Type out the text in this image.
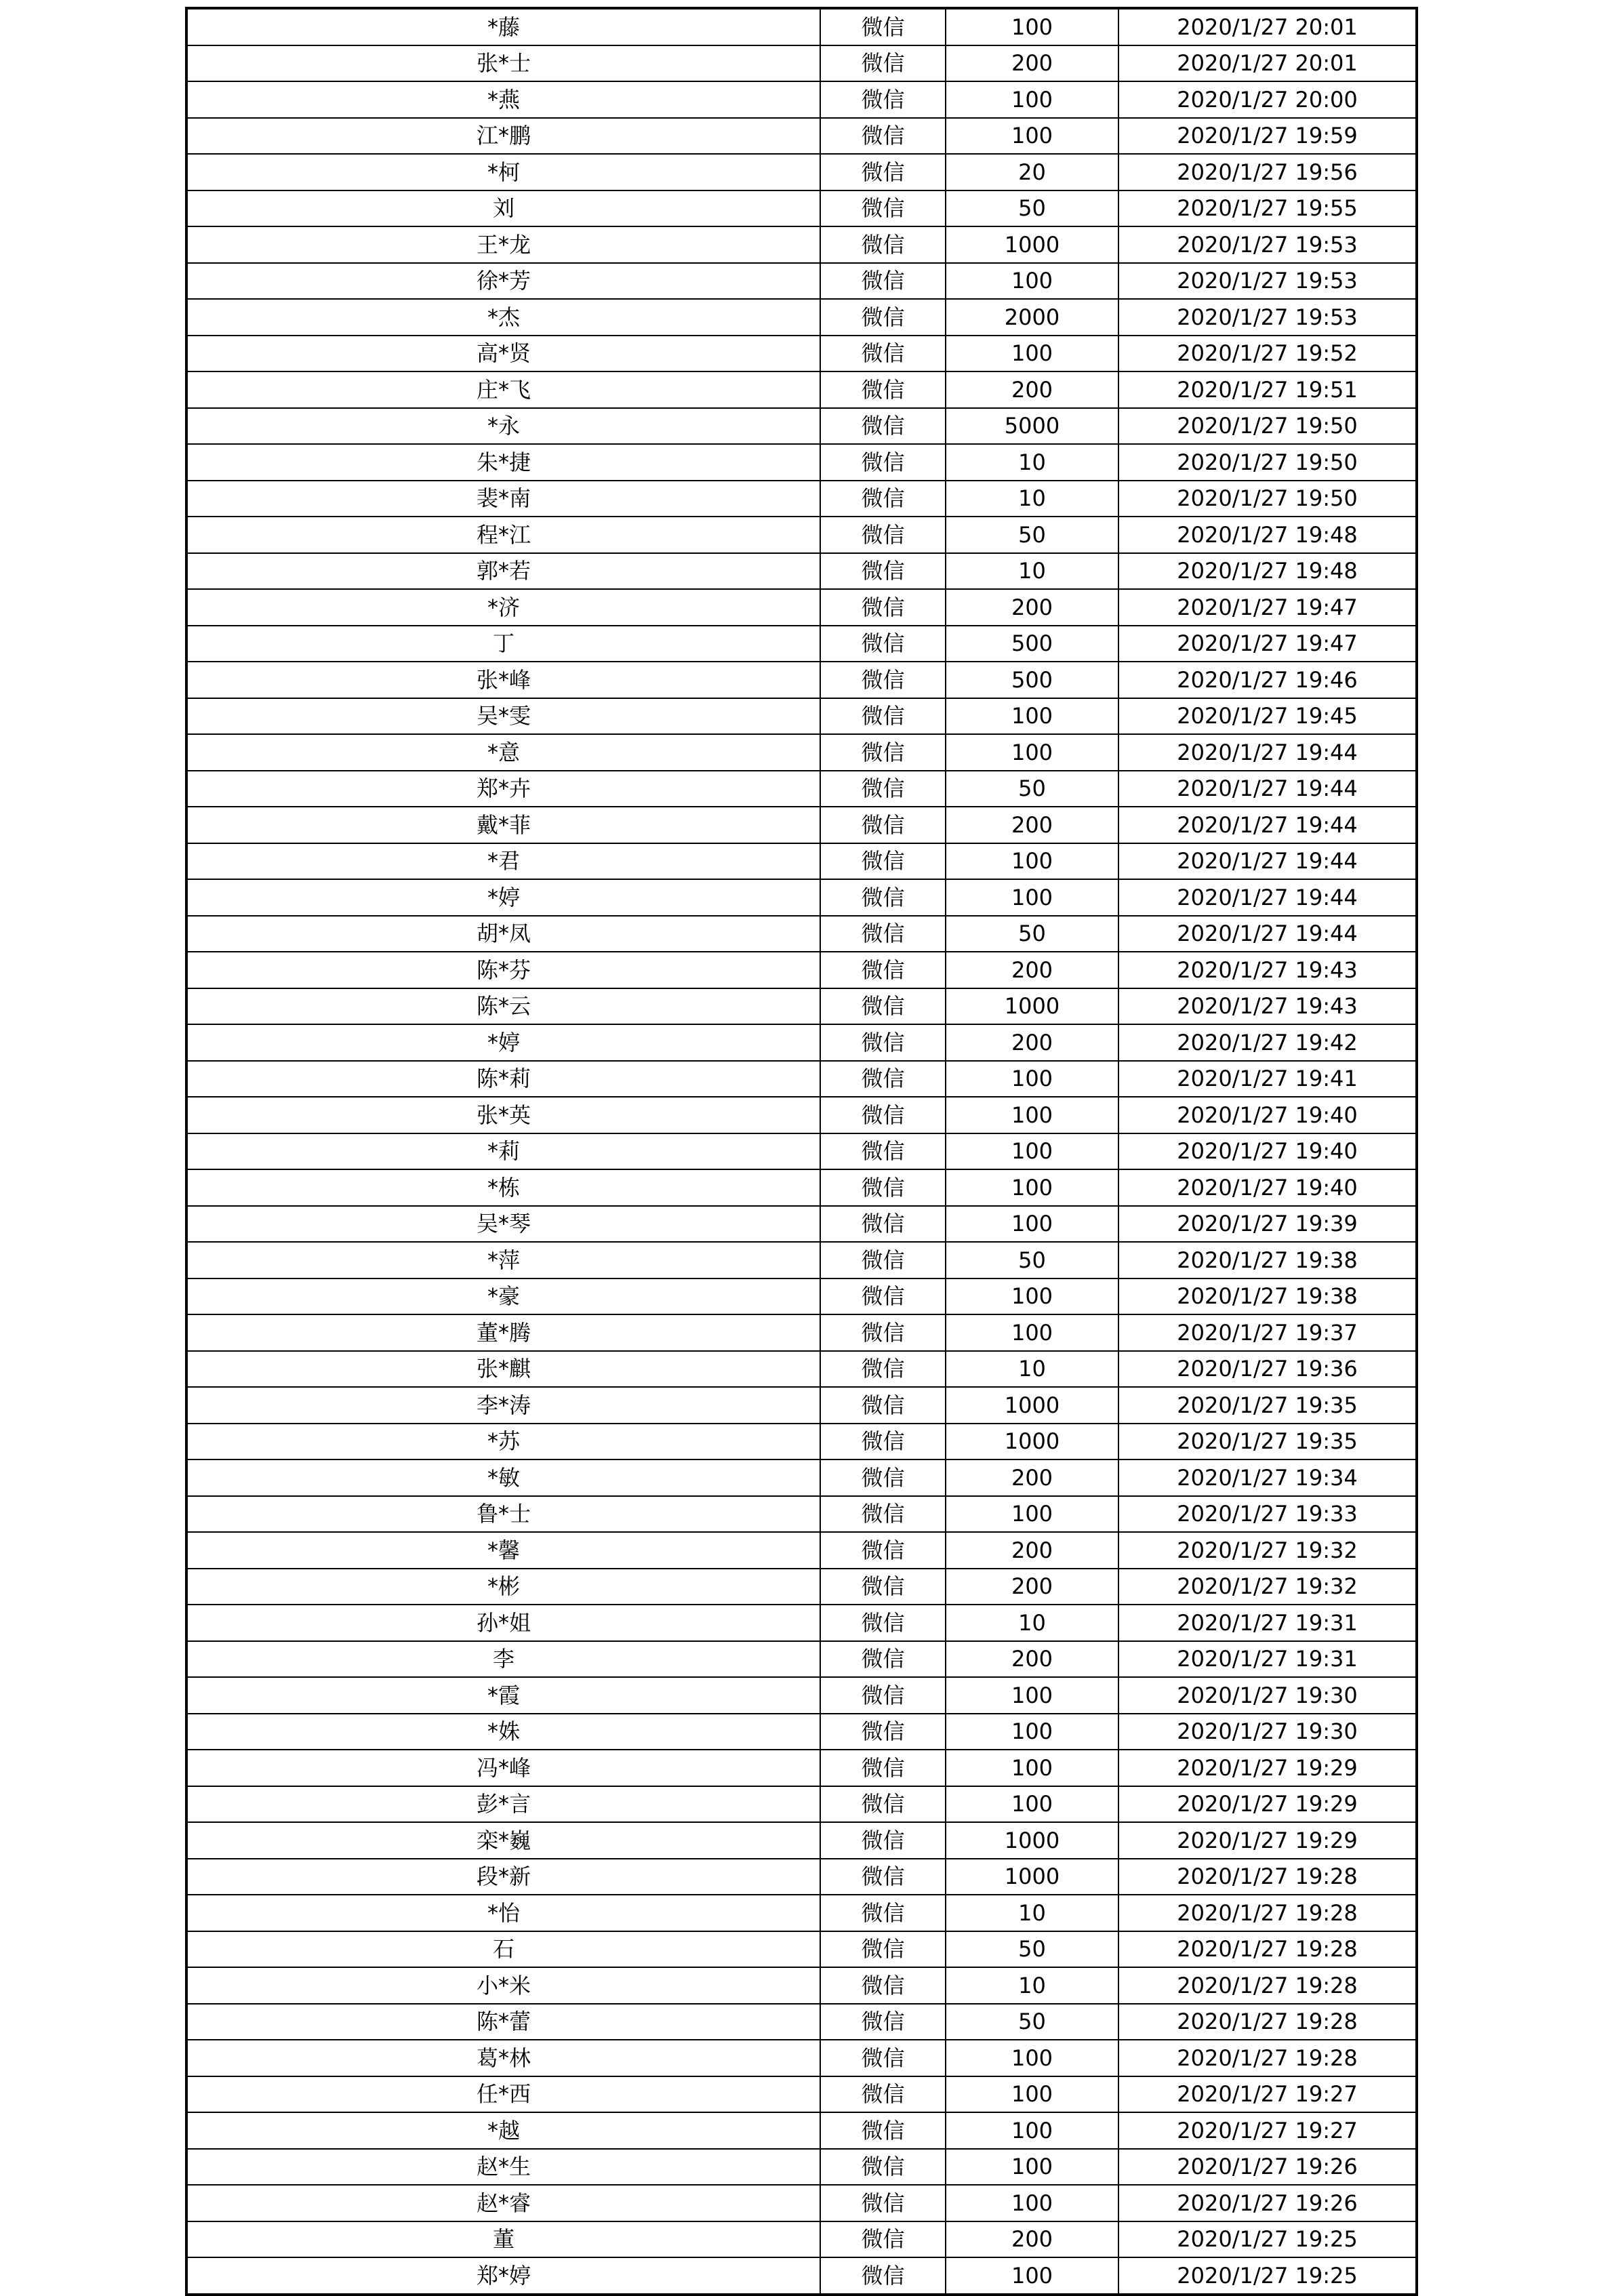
*藤	微信	100	2020/1/27 20:01
张*士	微信	200	2020/1/27 20:01
*燕	微信	100	2020/1/27 20:00
江*鹏	微信	100	2020/1/27 19:59
*柯	微信	20	2020/1/27 19:56
刘	微信	50	2020/1/27 19:55
王*龙	微信	1000	2020/1/27 19:53
徐*芳	微信	100	2020/1/27 19:53
*杰	微信	2000	2020/1/27 19:53
高*贤	微信	100	2020/1/27 19:52
庄*飞	微信	200	2020/1/27 19:51
*永	微信	5000	2020/1/27 19:50
朱*捷	微信	10	2020/1/27 19:50
裴*南	微信	10	2020/1/27 19:50
程*江	微信	50	2020/1/27 19:48
郭*若	微信	10	2020/1/27 19:48
*济	微信	200	2020/1/27 19:47
丁	微信	500	2020/1/27 19:47
张*峰	微信	500	2020/1/27 19:46
吴*雯	微信	100	2020/1/27 19:45
*意	微信	100	2020/1/27 19:44
郑*卉	微信	50	2020/1/27 19:44
戴*菲	微信	200	2020/1/27 19:44
*君	微信	100	2020/1/27 19:44
*婷	微信	100	2020/1/27 19:44
胡*凤	微信	50	2020/1/27 19:44
陈*芬	微信	200	2020/1/27 19:43
陈*云	微信	1000	2020/1/27 19:43
*婷	微信	200	2020/1/27 19:42
陈*莉	微信	100	2020/1/27 19:41
张*英	微信	100	2020/1/27 19:40
*莉	微信	100	2020/1/27 19:40
*栋	微信	100	2020/1/27 19:40
吴*琴	微信	100	2020/1/27 19:39
*萍	微信	50	2020/1/27 19:38
*豪	微信	100	2020/1/27 19:38
董*腾	微信	100	2020/1/27 19:37
张*麒	微信	10	2020/1/27 19:36
李*涛	微信	1000	2020/1/27 19:35
*苏	微信	1000	2020/1/27 19:35
*敏	微信	200	2020/1/27 19:34
鲁*士	微信	100	2020/1/27 19:33
*馨	微信	200	2020/1/27 19:32
*彬	微信	200	2020/1/27 19:32
孙*姐	微信	10	2020/1/27 19:31
李	微信	200	2020/1/27 19:31
*霞	微信	100	2020/1/27 19:30
*姝	微信	100	2020/1/27 19:30
冯*峰	微信	100	2020/1/27 19:29
彭*言	微信	100	2020/1/27 19:29
栾*巍	微信	1000	2020/1/27 19:29
段*新	微信	1000	2020/1/27 19:28
*怡	微信	10	2020/1/27 19:28
石	微信	50	2020/1/27 19:28
小*米	微信	10	2020/1/27 19:28
陈*蕾	微信	50	2020/1/27 19:28
葛*林	微信	100	2020/1/27 19:28
任*西	微信	100	2020/1/27 19:27
*越	微信	100	2020/1/27 19:27
赵*生	微信	100	2020/1/27 19:26
赵*睿	微信	100	2020/1/27 19:26
董	微信	200	2020/1/27 19:25
郑*婷	微信	100	2020/1/27 19:25
